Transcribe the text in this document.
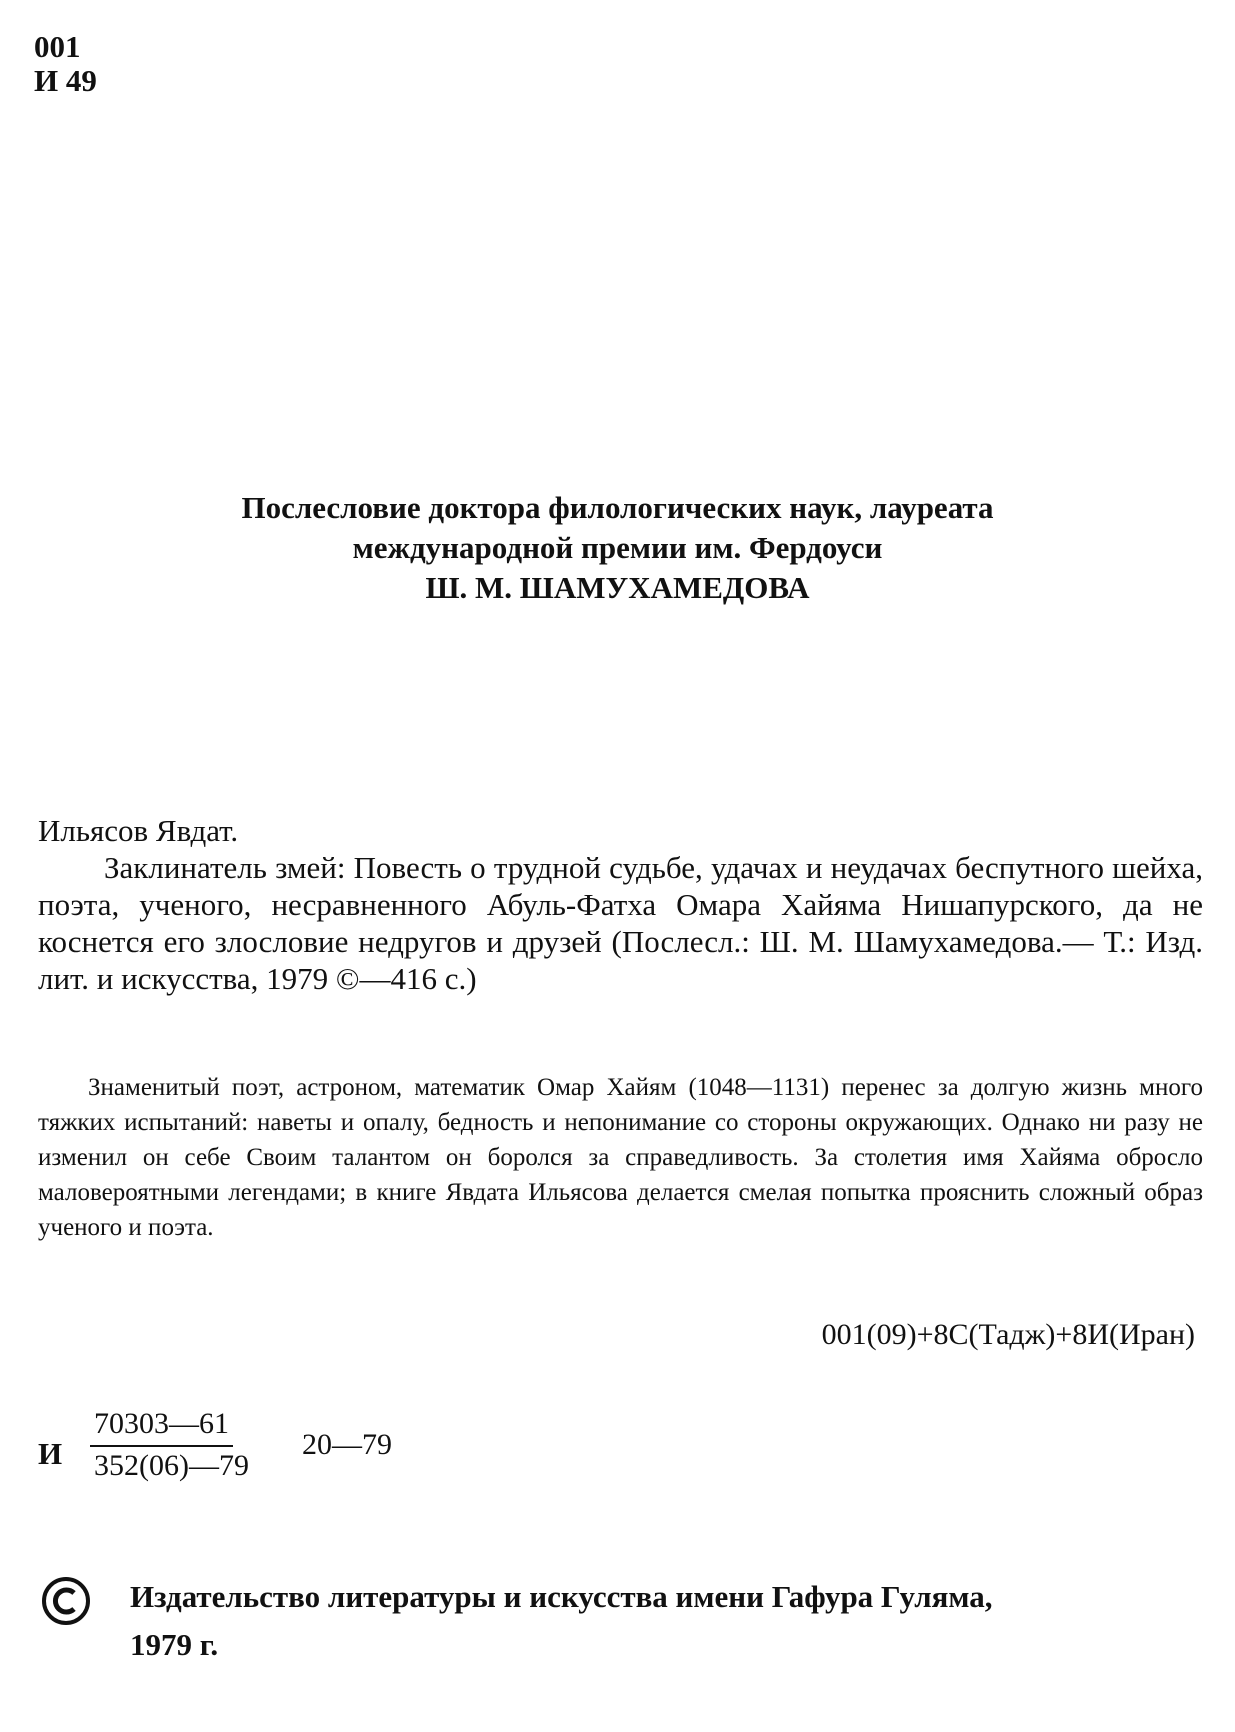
001
И 49
Послесловие доктора филологических наук, лауреата
международной премии им. Фердоуси
Ш. М. ШАМУХАМЕДОВА
Ильясов Явдат.
Заклинатель змей: Повесть о трудной судьбе, удачах и неудачах беспутного шейха, поэта, ученого, несравненного Абуль-Фатха Омара Хайяма Нишапурского, да не коснется его злословие недругов и друзей (Послесл.: Ш. М. Шамухамедова.— Т.: Изд. лит. и искусства, 1979 ©—416 с.)
Знаменитый поэт, астроном, математик Омар Хайям (1048—1131) перенес за долгую жизнь много тяжких испытаний: наветы и опалу, бедность и непонимание со стороны окружающих. Однако ни разу не изменил он себе Своим талантом он боролся за справедливость. За столетия имя Хайяма обросло маловероятными легендами; в книге Явдата Ильясова делается смелая попытка прояснить сложный образ ученого и поэта.
001(09)+8С(Тадж)+8И(Иран)
И
70303—61
352(06)—79
20—79
Издательство литературы и искусства имени Гафура Гуляма,
1979 г.
